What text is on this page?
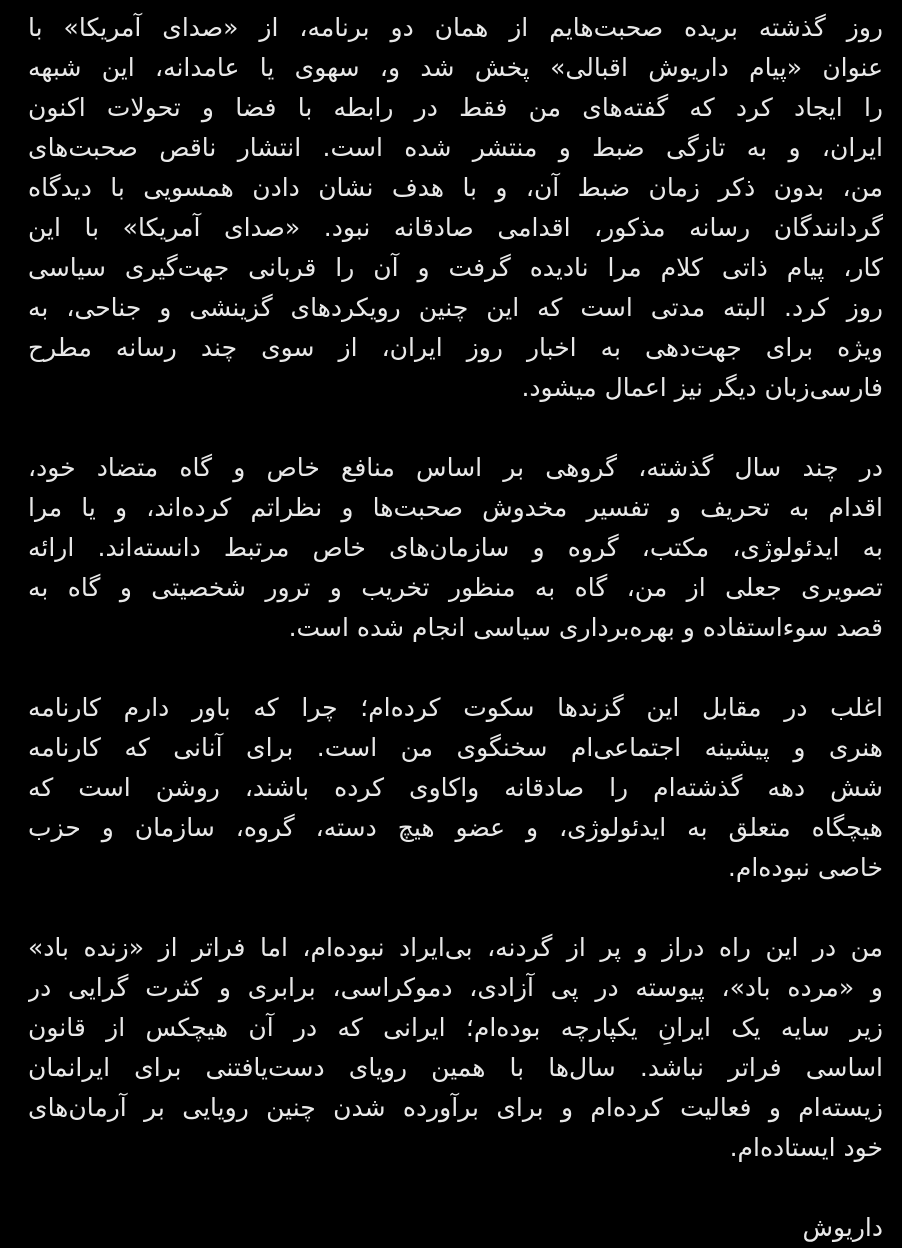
روز گذشته بریده صحبت‌هایم از همان دو برنامه، از «صدای آمریکا» با
عنوان «پیام داریوش اقبالی» پخش شد و، سهوی یا عامدانه، این شبهه
را ایجاد کرد که گفته‌های من فقط در رابطه با فضا و تحولات اکنون
ایران، و به تازگی ضبط و منتشر شده است. انتشار ناقص صحبت‌های
من، بدون ذکر زمان ضبط آن، و با هدف نشان دادن همسویی با دیدگاه
گردانندگان رسانه مذکور، اقدامی صادقانه نبود. «صدای آمریکا» با این
کار، پیام ذاتی کلام مرا نادیده گرفت و آن را قربانی جهت‌گیری سیاسی
روز کرد. البته مدتی است که این چنین رویکردهای گزینشی و جناحی، به
ویژه برای جهت‌دهی به اخبار روز ایران، از سوی چند رسانه مطرح
فارسی‌زبان دیگر نیز اعمال میشود.
در چند سال گذشته، گروهی بر اساس منافع خاص و گاه متضاد خود،
اقدام به تحریف و تفسیر مخدوش صحبت‌ها و نظراتم کرده‌اند، و یا مرا
به ایدئولوژی، مکتب، گروه و سازمان‌های خاص مرتبط دانسته‌اند. ارائه
تصویری جعلی از من، گاه به منظور تخریب و ترور شخصیتی و گاه به
قصد سوءاستفاده و بهره‌برداری سیاسی انجام شده است.
اغلب در مقابل این گزندها سکوت کرده‌ام؛ چرا که باور دارم کارنامه
هنری و پیشینه اجتماعی‌ام سخنگوی من است. برای آنانی که کارنامه
شش دهه گذشته‌ام را صادقانه واکاوی کرده باشند، روشن است که
هیچگاه متعلق به ایدئولوژی، و عضو هیچ دسته، گروه، سازمان و حزب
خاصی نبوده‌ام.
من در این راه دراز و پر از گردنه، بی‌ایراد نبوده‌ام، اما فراتر از «زنده باد»
و «مرده باد»، پیوسته در پی آزادی، دموکراسی، برابری و کثرت گرایی در
زیر سایه یک ایرانِ یکپارچه بوده‌ام؛ ایرانی که در آن هیچکس از قانون
اساسی فراتر نباشد. سال‌ها با همین رویای دست‌یافتنی برای ایرانمان
زیسته‌ام و فعالیت کرده‌ام و برای برآورده شدن چنین رویایی بر آرمان‌های
خود ایستاده‌ام.
داریوش
